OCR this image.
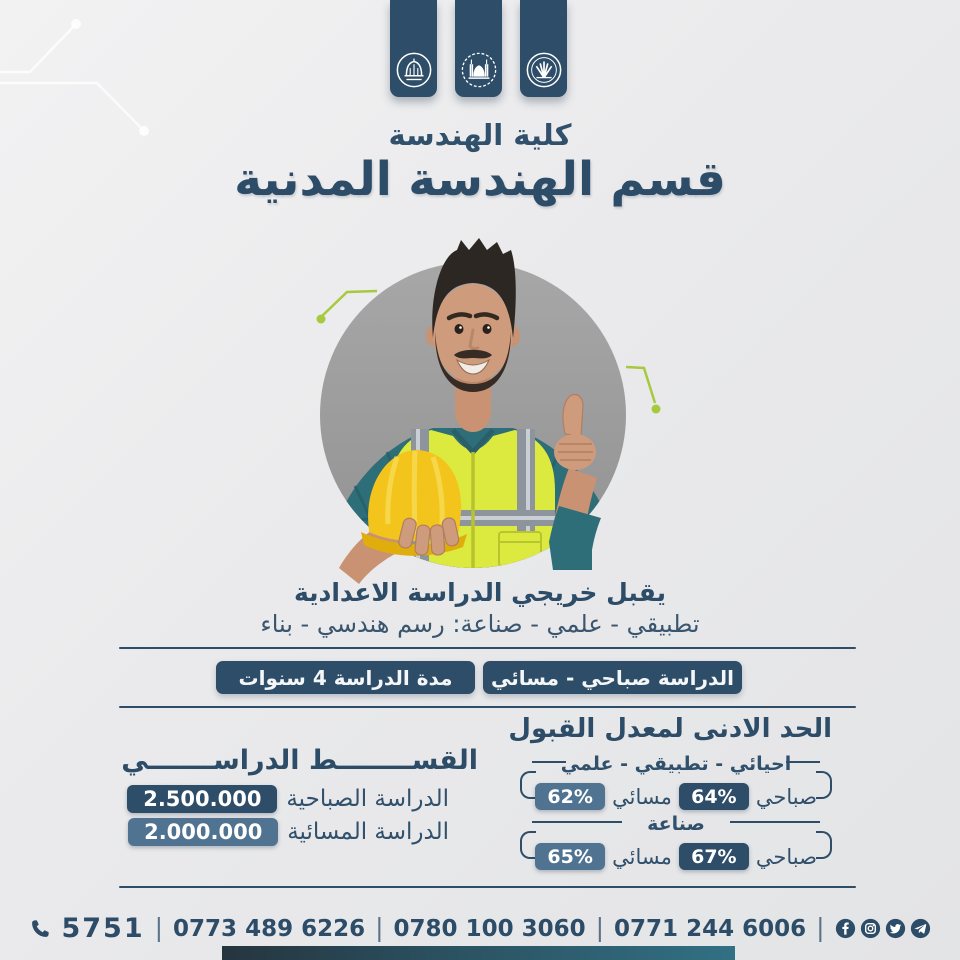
كلية الهندسة
قسم الهندسة المدنية
يقبل خريجي الدراسة الاعدادية
تطبيقي - علمي - صناعة: رسم هندسي - بناء
مدة الدراسة 4 سنوات	الدراسة صباحي - مسائي
القســــــــط الدراســـــــي
الدراسة الصباحية
2.500.000
الدراسة المسائية
2.000.000
الحد الادنى لمعدل القبول
احيائي - تطبيقي - علمي
صباحي
64%
مسائي
62%
صناعة
صباحي
67%
مسائي
65%
5751 | 0773 489 6226 | 0780 100 3060 | 0771 244 6006 |
